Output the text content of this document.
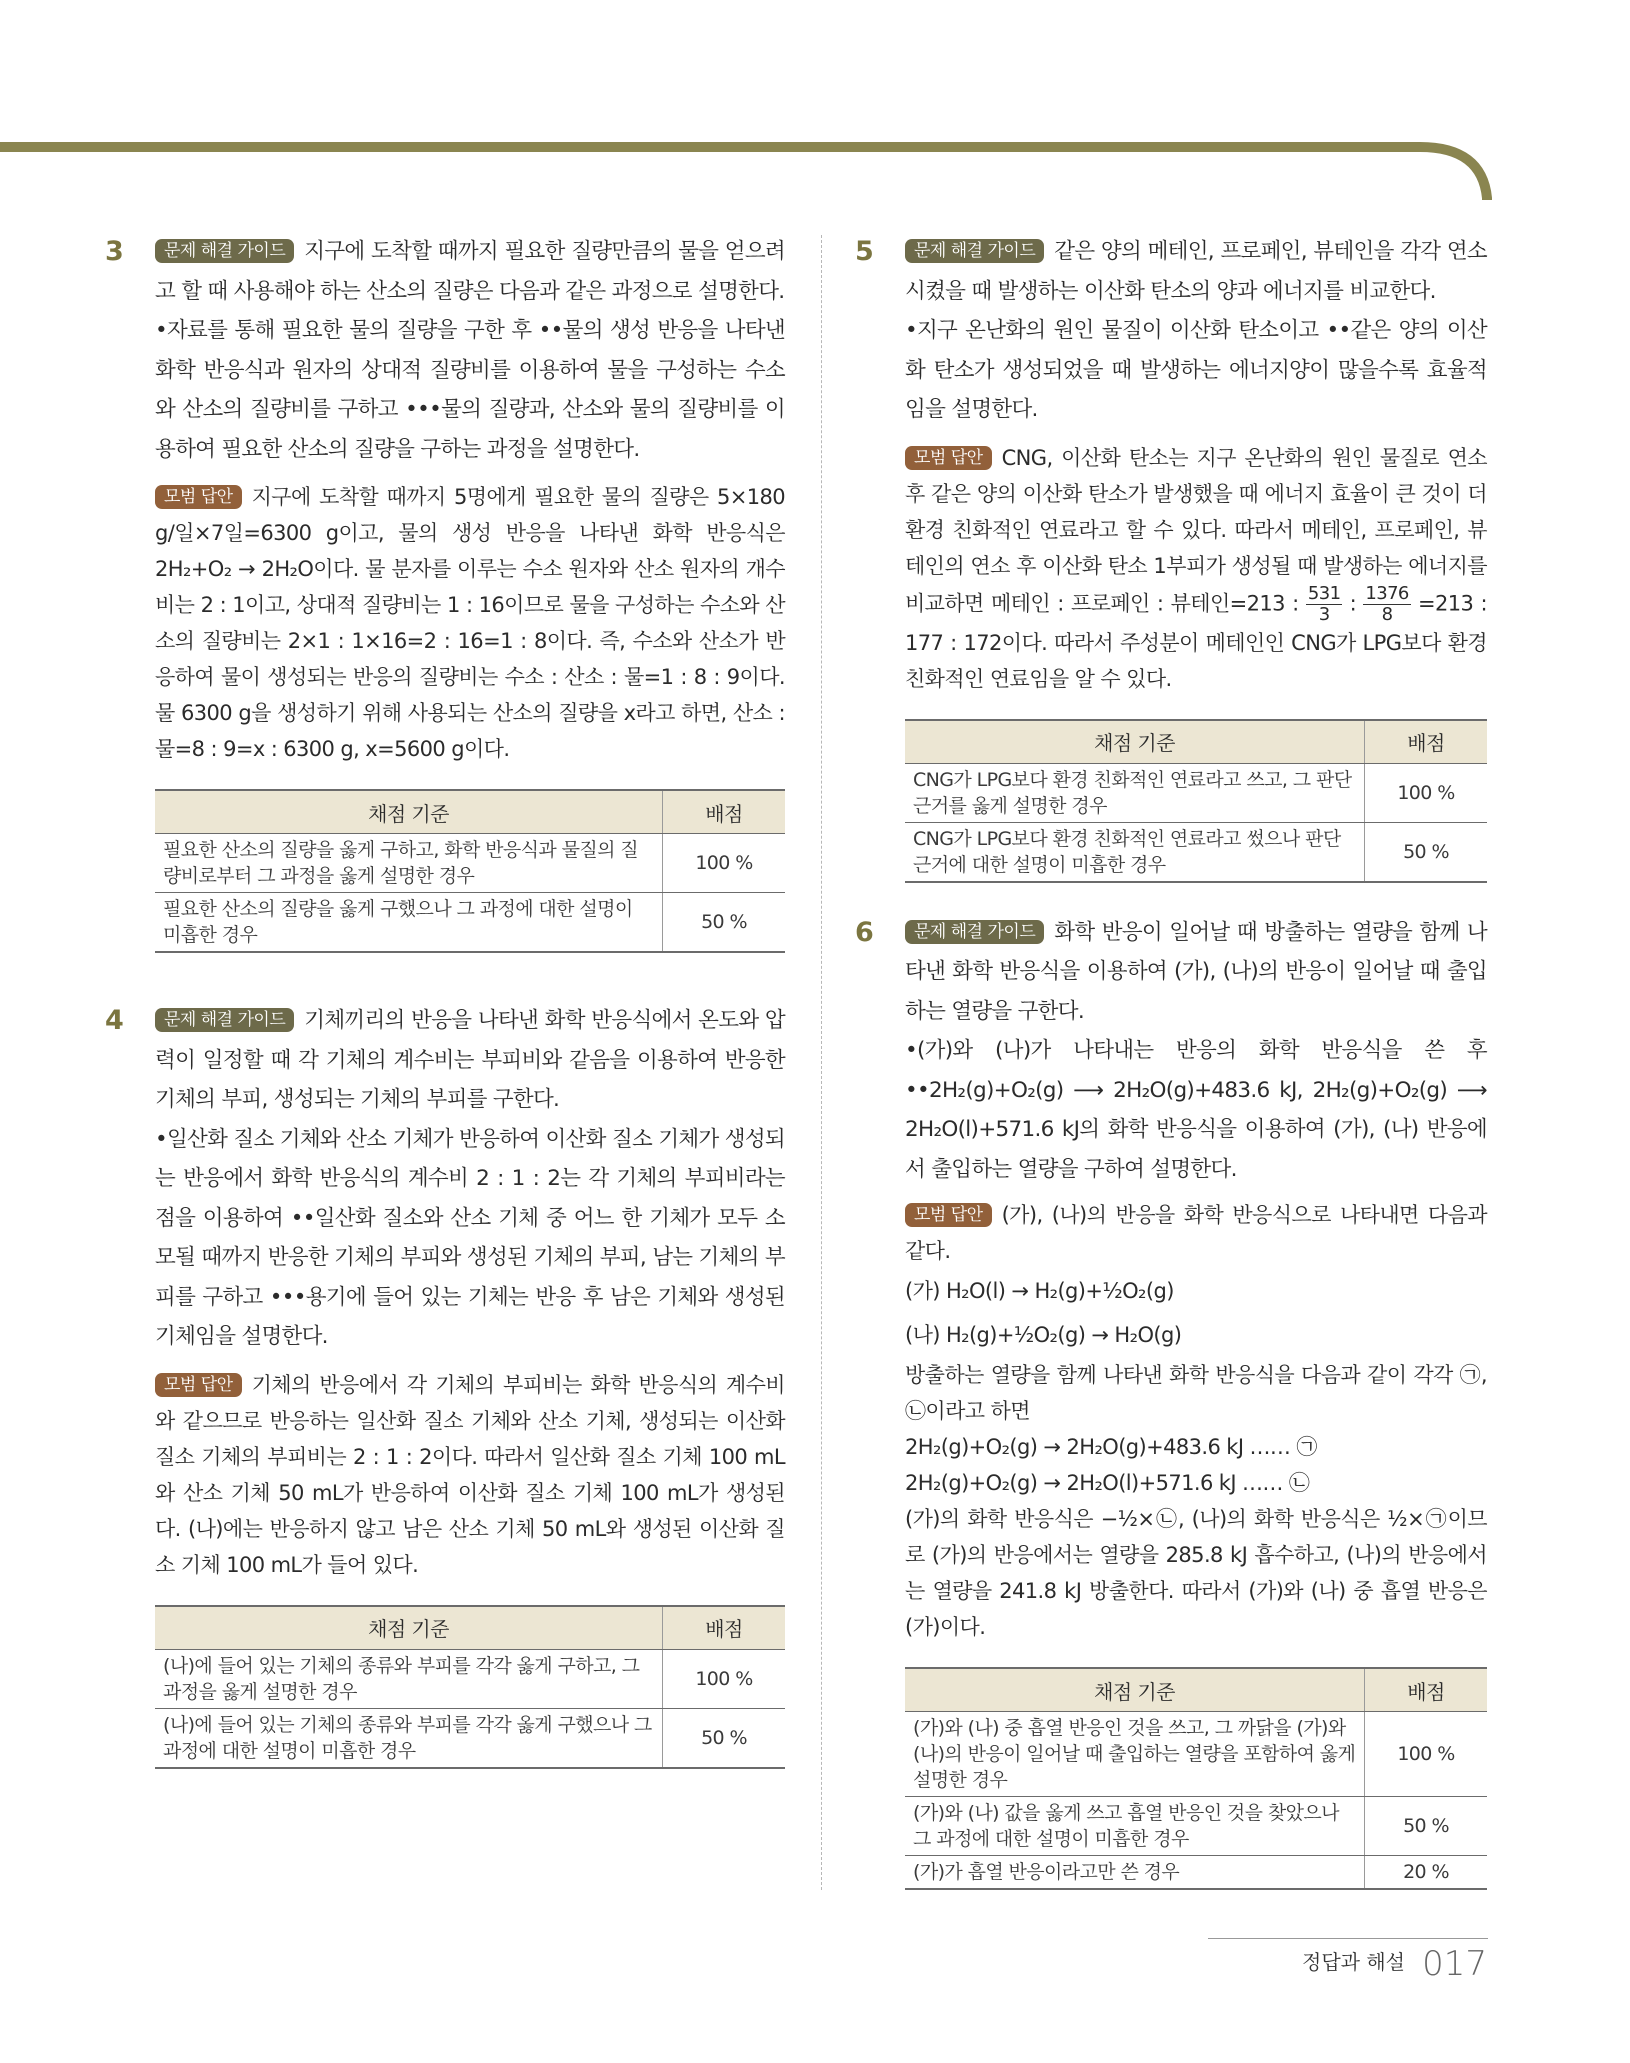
3	문제 해결 가이드 지구에 도착할 때까지 필요한 질량만큼의 물을 얻으려고 할 때 사용해야 하는 산소의 질량은 다음과 같은 과정으로 설명한다.

•자료를 통해 필요한 물의 질량을 구한 후 ••물의 생성 반응을 나타낸 화학 반응식과 원자의 상대적 질량비를 이용하여 물을 구성하는 수소와 산소의 질량비를 구하고 •••물의 질량과, 산소와 물의 질량비를 이용하여 필요한 산소의 질량을 구하는 과정을 설명한다.

모범 답안 지구에 도착할 때까지 5명에게 필요한 물의 질량은 5×180 g/일×7일=6300 g이고, 물의 생성 반응을 나타낸 화학 반응식은 2H₂+O₂ → 2H₂O이다. 물 분자를 이루는 수소 원자와 산소 원자의 개수비는 2 : 1이고, 상대적 질량비는 1 : 16이므로 물을 구성하는 수소와 산소의 질량비는 2×1 : 1×16=2 : 16=1 : 8이다. 즉, 수소와 산소가 반응하여 물이 생성되는 반응의 질량비는 수소 : 산소 : 물=1 : 8 : 9이다. 물 6300 g을 생성하기 위해 사용되는 산소의 질량을 x라고 하면, 산소 : 물=8 : 9=x : 6300 g, x=5600 g이다.

채점 기준	배점
필요한 산소의 질량을 옳게 구하고, 화학 반응식과 물질의 질량비로부터 그 과정을 옳게 설명한 경우	100 %
필요한 산소의 질량을 옳게 구했으나 그 과정에 대한 설명이 미흡한 경우	50 %
4	문제 해결 가이드 기체끼리의 반응을 나타낸 화학 반응식에서 온도와 압력이 일정할 때 각 기체의 계수비는 부피비와 같음을 이용하여 반응한 기체의 부피, 생성되는 기체의 부피를 구한다.

•일산화 질소 기체와 산소 기체가 반응하여 이산화 질소 기체가 생성되는 반응에서 화학 반응식의 계수비 2 : 1 : 2는 각 기체의 부피비라는 점을 이용하여 ••일산화 질소와 산소 기체 중 어느 한 기체가 모두 소모될 때까지 반응한 기체의 부피와 생성된 기체의 부피, 남는 기체의 부피를 구하고 •••용기에 들어 있는 기체는 반응 후 남은 기체와 생성된 기체임을 설명한다.

모범 답안 기체의 반응에서 각 기체의 부피비는 화학 반응식의 계수비와 같으므로 반응하는 일산화 질소 기체와 산소 기체, 생성되는 이산화 질소 기체의 부피비는 2 : 1 : 2이다. 따라서 일산화 질소 기체 100 mL와 산소 기체 50 mL가 반응하여 이산화 질소 기체 100 mL가 생성된다. (나)에는 반응하지 않고 남은 산소 기체 50 mL와 생성된 이산화 질소 기체 100 mL가 들어 있다.

채점 기준	배점
(나)에 들어 있는 기체의 종류와 부피를 각각 옳게 구하고, 그 과정을 옳게 설명한 경우	100 %
(나)에 들어 있는 기체의 종류와 부피를 각각 옳게 구했으나 그 과정에 대한 설명이 미흡한 경우	50 %
5	문제 해결 가이드 같은 양의 메테인, 프로페인, 뷰테인을 각각 연소시켰을 때 발생하는 이산화 탄소의 양과 에너지를 비교한다.

•지구 온난화의 원인 물질이 이산화 탄소이고 ••같은 양의 이산화 탄소가 생성되었을 때 발생하는 에너지양이 많을수록 효율적임을 설명한다.

모범 답안 CNG, 이산화 탄소는 지구 온난화의 원인 물질로 연소 후 같은 양의 이산화 탄소가 발생했을 때 에너지 효율이 큰 것이 더 환경 친화적인 연료라고 할 수 있다. 따라서 메테인, 프로페인, 뷰테인의 연소 후 이산화 탄소 1부피가 생성될 때 발생하는 에너지를 비교하면 메테인 : 프로페인 : 뷰테인=213 : $\frac{531}{3}$ : $\frac{1376}{8} =213$ : 177 : 172이다. 따라서 주성분이 메테인인 CNG가 LPG보다 환경 친화적인 연료임을 알 수 있다.

채점 기준	배점
CNG가 LPG보다 환경 친화적인 연료라고 쓰고, 그 판단 근거를 옳게 설명한 경우	100 %
CNG가 LPG보다 환경 친화적인 연료라고 썼으나 판단 근거에 대한 설명이 미흡한 경우	50 %
6	문제 해결 가이드 화학 반응이 일어날 때 방출하는 열량을 함께 나타낸 화학 반응식을 이용하여 (가), (나)의 반응이 일어날 때 출입하는 열량을 구한다.

•(가)와 (나)가 나타내는 반응의 화학 반응식을 쓴 후 ••2H₂(g)+O₂(g) ⟶ 2H₂O(g)+483.6 kJ, 2H₂(g)+O₂(g) ⟶ 2H₂O(l)+571.6 kJ의 화학 반응식을 이용하여 (가), (나) 반응에서 출입하는 열량을 구하여 설명한다.

모범 답안 (가), (나)의 반응을 화학 반응식으로 나타내면 다음과 같다.

(가) H₂O(l) → H₂(g)+½O₂(g)

(나) H₂(g)+½O₂(g) → H₂O(g)

방출하는 열량을 함께 나타낸 화학 반응식을 다음과 같이 각각 ㉠, ㉡이라고 하면

2H₂(g)+O₂(g) → 2H₂O(g)+483.6 kJ …… ㉠

2H₂(g)+O₂(g) → 2H₂O(l)+571.6 kJ …… ㉡

(가)의 화학 반응식은 −½×㉡, (나)의 화학 반응식은 ½×㉠이므로 (가)의 반응에서는 열량을 285.8 kJ 흡수하고, (나)의 반응에서는 열량을 241.8 kJ 방출한다. 따라서 (가)와 (나) 중 흡열 반응은 (가)이다.

채점 기준	배점
(가)와 (나) 중 흡열 반응인 것을 쓰고, 그 까닭을 (가)와 (나)의 반응이 일어날 때 출입하는 열량을 포함하여 옳게 설명한 경우	100 %
(가)와 (나) 값을 옳게 쓰고 흡열 반응인 것을 찾았으나 그 과정에 대한 설명이 미흡한 경우	50 %
(가)가 흡열 반응이라고만 쓴 경우	20 %
정답과 해설 017
